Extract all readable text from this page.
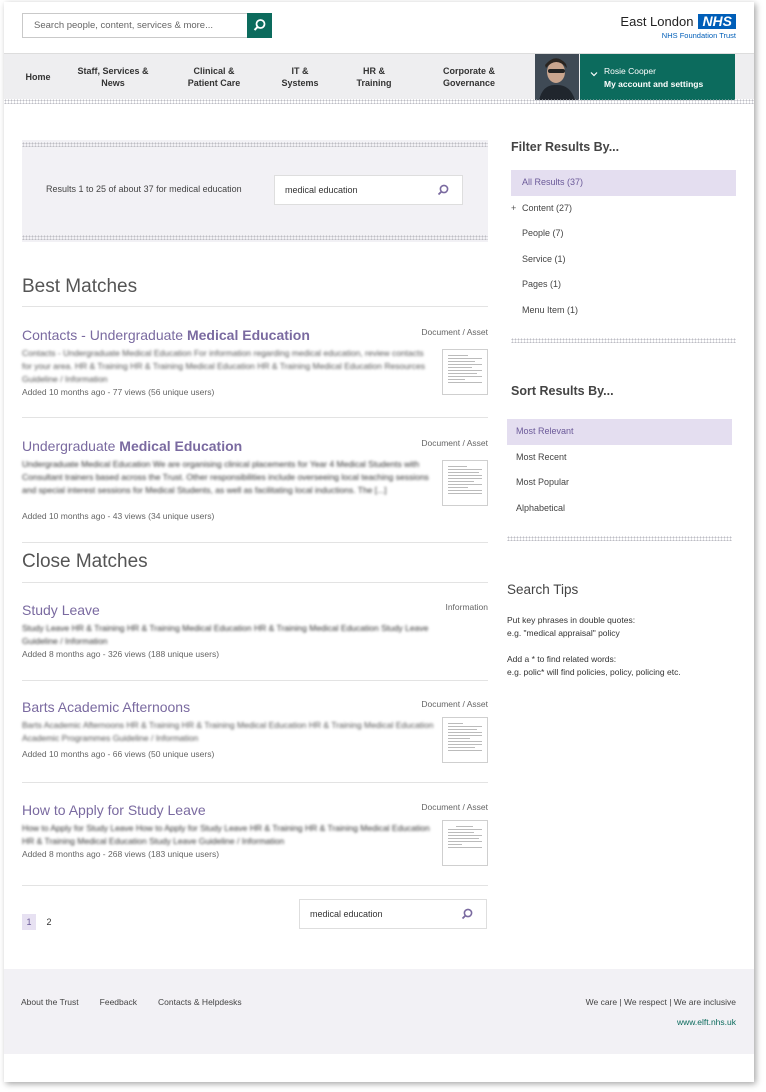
Search people, content, services & more...
East London NHS
NHS Foundation Trust
Home
Staff, Services &
News
Clinical &
Patient Care
IT &
Systems
HR &
Training
Corporate &
Governance
Rosie Cooper
My account and settings
Results 1 to 25 of about 37 for medical education
medical education
Best Matches
Contacts - Undergraduate Medical Education	Document / Asset
Contacts - Undergraduate Medical Education For information regarding medical education, review contacts for your area. HR & Training HR & Training Medical Education HR & Training Medical Education Resources Guideline / Information
Added 10 months ago - 77 views (56 unique users)
Undergraduate Medical Education	Document / Asset
Undergraduate Medical Education We are organising clinical placements for Year 4 Medical Students with Consultant trainers based across the Trust. Other responsibilities include overseeing local teaching sessions and special interest sessions for Medical Students, as well as facilitating local inductions. The [...]
Added 10 months ago - 43 views (34 unique users)
Close Matches
Study Leave	Information
Study Leave HR & Training HR & Training Medical Education HR & Training Medical Education Study Leave Guideline / Information
Added 8 months ago - 326 views (188 unique users)
Barts Academic Afternoons	Document / Asset
Barts Academic Afternoons HR & Training HR & Training Medical Education HR & Training Medical Education Academic Programmes Guideline / Information
Added 10 months ago - 66 views (50 unique users)
How to Apply for Study Leave	Document / Asset
How to Apply for Study Leave How to Apply for Study Leave HR & Training HR & Training Medical Education HR & Training Medical Education Study Leave Guideline / Information
Added 8 months ago - 268 views (183 unique users)
1	2
medical education
Filter Results By...
All Results (37)
+ Content (27)
People (7)
Service (1)
Pages (1)
Menu Item (1)
Sort Results By...
Most Relevant
Most Recent
Most Popular
Alphabetical
Search Tips
Put key phrases in double quotes:
e.g. "medical appraisal" policy
Add a * to find related words:
e.g. polic* will find policies, policy, policing etc.
About the Trust Feedback Contacts & Helpdesks	We care | We respect | We are inclusive
www.elft.nhs.uk
